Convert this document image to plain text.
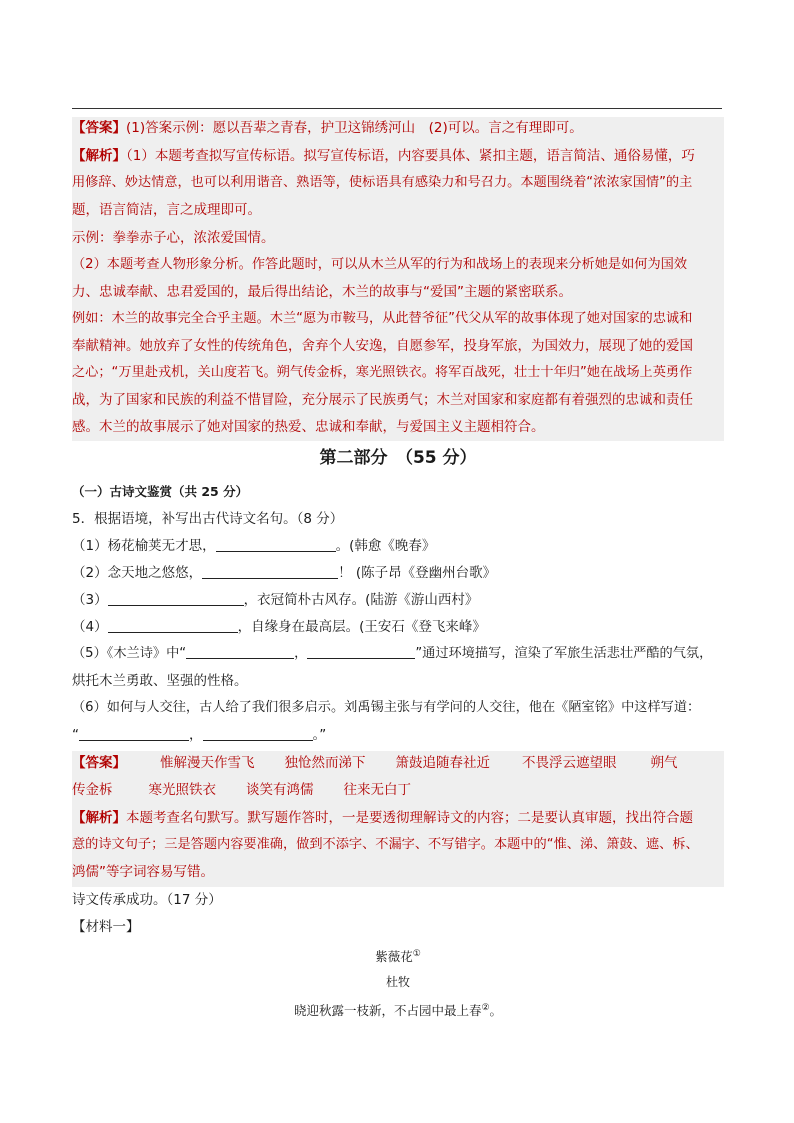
【答案】(1)答案示例：愿以吾辈之青春，护卫这锦绣河山　(2)可以。言之有理即可。
【解析】（1）本题考查拟写宣传标语。拟写宣传标语，内容要具体、紧扣主题，语言简洁、通俗易懂，巧
用修辞、妙达情意，也可以利用谐音、熟语等，使标语具有感染力和号召力。本题围绕着“浓浓家国情”的主
题，语言简洁，言之成理即可。
示例：拳拳赤子心，浓浓爱国情。
（2）本题考查人物形象分析。作答此题时，可以从木兰从军的行为和战场上的表现来分析她是如何为国效
力、忠诚奉献、忠君爱国的，最后得出结论，木兰的故事与“爱国”主题的紧密联系。
例如：木兰的故事完全合乎主题。木兰“愿为市鞍马，从此替爷征”代父从军的故事体现了她对国家的忠诚和
奉献精神。她放弃了女性的传统角色，舍弃个人安逸，自愿参军，投身军旅，为国效力，展现了她的爱国
之心；“万里赴戎机，关山度若飞。朔气传金柝，寒光照铁衣。将军百战死，壮士十年归”她在战场上英勇作
战，为了国家和民族的利益不惜冒险，充分展示了民族勇气；木兰对国家和家庭都有着强烈的忠诚和责任
感。木兰的故事展示了她对国家的热爱、忠诚和奉献，与爱国主义主题相符合。
第二部分　（55 分）
（一）古诗文鉴赏（共 25 分）
5．根据语境，补写出古代诗文名句。（8 分）
（1）杨花榆荚无才思，	。(韩愈《晚春》
（2）念天地之悠悠，	！ (陈子昂《登幽州台歌》
（3）	，衣冠简朴古风存。(陆游《游山西村》
（4）	，自缘身在最高层。(王安石《登飞来峰》
（5）《木兰诗》中“	，	”通过环境描写，渲染了军旅生活悲壮严酷的气氛，
烘托木兰勇敢、坚强的性格。
（6）如何与人交往，古人给了我们很多启示。刘禹锡主张与有学问的人交往，他在《陋室铭》中这样写道：
“	，	。”
【答案】	惟解漫天作雪飞 独怆然而涕下 箫鼓追随春社近 不畏浮云遮望眼	朔气
传金柝	寒光照铁衣 谈笑有鸿儒 往来无白丁
【解析】本题考查名句默写。默写题作答时，一是要透彻理解诗文的内容；二是要认真审题，找出符合题
意的诗文句子；三是答题内容要准确，做到不添字、不漏字、不写错字。本题中的“惟、涕、箫鼓、遮、柝、
鸿儒”等字词容易写错。
诗文传承成功。（17 分）
【材料一】
紫薇花①
杜牧
晓迎秋露一枝新，不占园中最上春②。
